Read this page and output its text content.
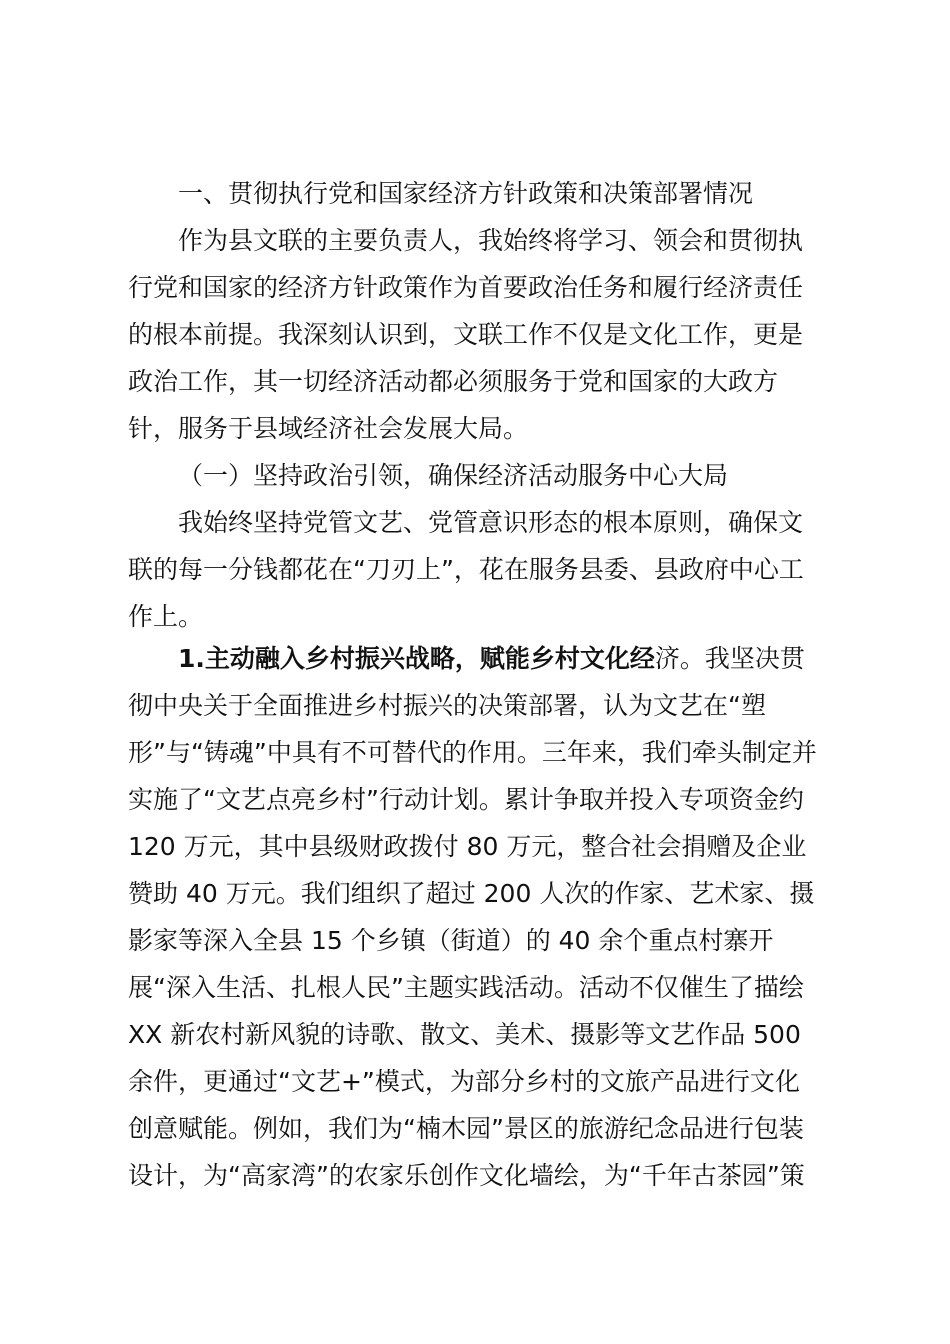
一、贯彻执行党和国家经济方针政策和决策部署情况
作为县文联的主要负责人，我始终将学习、领会和贯彻执
行党和国家的经济方针政策作为首要政治任务和履行经济责任
的根本前提。我深刻认识到，文联工作不仅是文化工作，更是
政治工作，其一切经济活动都必须服务于党和国家的大政方
针，服务于县域经济社会发展大局。
（一）坚持政治引领，确保经济活动服务中心大局
我始终坚持党管文艺、党管意识形态的根本原则，确保文
联的每一分钱都花在“刀刃上”，花在服务县委、县政府中心工
作上。
1.主动融入乡村振兴战略，赋能乡村文化经济。我坚决贯
彻中央关于全面推进乡村振兴的决策部署，认为文艺在“塑
形”与“铸魂”中具有不可替代的作用。三年来，我们牵头制定并
实施了“文艺点亮乡村”行动计划。累计争取并投入专项资金约
120 万元，其中县级财政拨付 80 万元，整合社会捐赠及企业
赞助 40 万元。我们组织了超过 200 人次的作家、艺术家、摄
影家等深入全县 15 个乡镇（街道）的 40 余个重点村寨开
展“深入生活、扎根人民”主题实践活动。活动不仅催生了描绘
XX 新农村新风貌的诗歌、散文、美术、摄影等文艺作品 500
余件，更通过“文艺+”模式，为部分乡村的文旅产品进行文化
创意赋能。例如，我们为“楠木园”景区的旅游纪念品进行包装
设计，为“高家湾”的农家乐创作文化墙绘，为“千年古茶园”策
